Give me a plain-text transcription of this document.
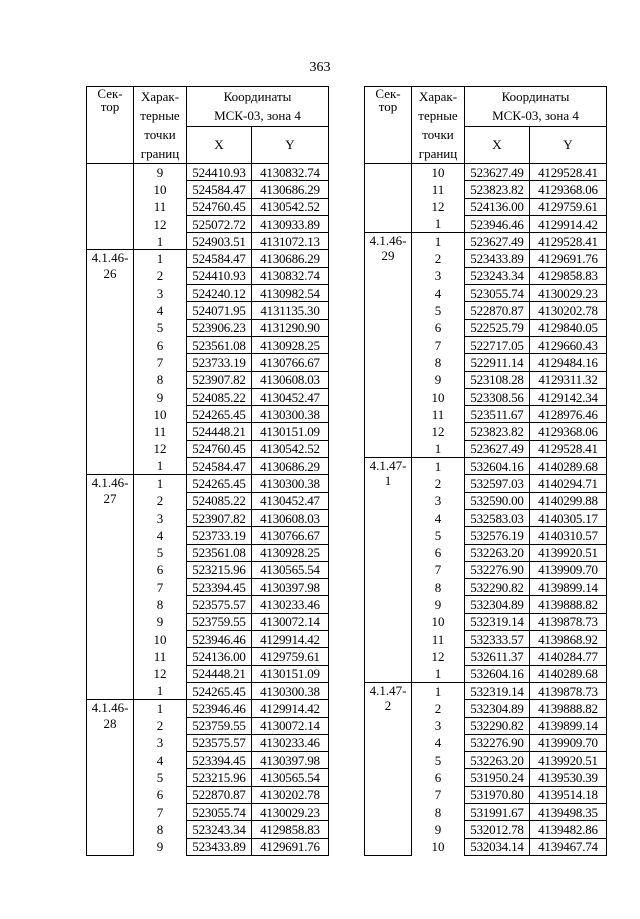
363
Сек-
тор	Харак-
терные
точки
границ	Координаты
МСК-03, зона 4	
		X	Y
	9	524410.93	4130832.74
	10	524584.47	4130686.29
	11	524760.45	4130542.52
	12	525072.72	4130933.89
	1	524903.51	4131072.13
4.1.46-
26	1	524584.47	4130686.29
	2	524410.93	4130832.74
	3	524240.12	4130982.54
	4	524071.95	4131135.30
	5	523906.23	4131290.90
	6	523561.08	4130928.25
	7	523733.19	4130766.67
	8	523907.82	4130608.03
	9	524085.22	4130452.47
	10	524265.45	4130300.38
	11	524448.21	4130151.09
	12	524760.45	4130542.52
	1	524584.47	4130686.29
4.1.46-
27	1	524265.45	4130300.38
	2	524085.22	4130452.47
	3	523907.82	4130608.03
	4	523733.19	4130766.67
	5	523561.08	4130928.25
	6	523215.96	4130565.54
	7	523394.45	4130397.98
	8	523575.57	4130233.46
	9	523759.55	4130072.14
	10	523946.46	4129914.42
	11	524136.00	4129759.61
	12	524448.21	4130151.09
	1	524265.45	4130300.38
4.1.46-
28	1	523946.46	4129914.42
	2	523759.55	4130072.14
	3	523575.57	4130233.46
	4	523394.45	4130397.98
	5	523215.96	4130565.54
	6	522870.87	4130202.78
	7	523055.74	4130029.23
	8	523243.34	4129858.83
	9	523433.89	4129691.76
Сек-
тор	Харак-
терные
точки
границ	Координаты
МСК-03, зона 4	
		X	Y
	10	523627.49	4129528.41
	11	523823.82	4129368.06
	12	524136.00	4129759.61
	1	523946.46	4129914.42
4.1.46-
29	1	523627.49	4129528.41
	2	523433.89	4129691.76
	3	523243.34	4129858.83
	4	523055.74	4130029.23
	5	522870.87	4130202.78
	6	522525.79	4129840.05
	7	522717.05	4129660.43
	8	522911.14	4129484.16
	9	523108.28	4129311.32
	10	523308.56	4129142.34
	11	523511.67	4128976.46
	12	523823.82	4129368.06
	1	523627.49	4129528.41
4.1.47-
1	1	532604.16	4140289.68
	2	532597.03	4140294.71
	3	532590.00	4140299.88
	4	532583.03	4140305.17
	5	532576.19	4140310.57
	6	532263.20	4139920.51
	7	532276.90	4139909.70
	8	532290.82	4139899.14
	9	532304.89	4139888.82
	10	532319.14	4139878.73
	11	532333.57	4139868.92
	12	532611.37	4140284.77
	1	532604.16	4140289.68
4.1.47-
2	1	532319.14	4139878.73
	2	532304.89	4139888.82
	3	532290.82	4139899.14
	4	532276.90	4139909.70
	5	532263.20	4139920.51
	6	531950.24	4139530.39
	7	531970.80	4139514.18
	8	531991.67	4139498.35
	9	532012.78	4139482.86
	10	532034.14	4139467.74
